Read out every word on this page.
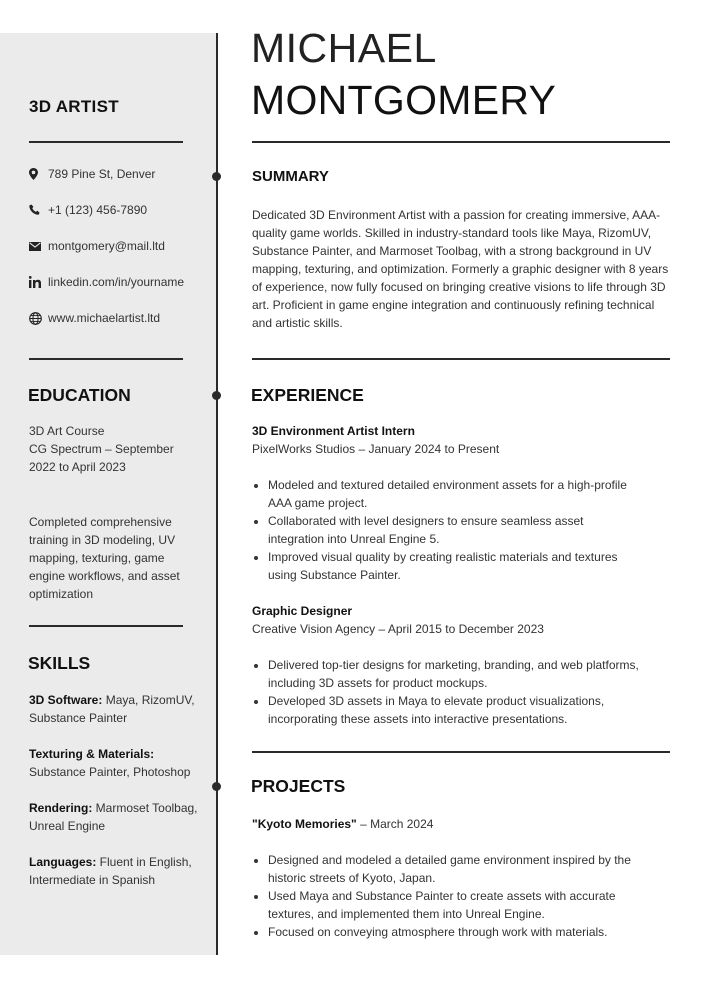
MICHAEL
MONTGOMERY
3D ARTIST
789 Pine St, Denver
+1 (123) 456-7890
montgomery@mail.ltd
linkedin.com/in/yourname
www.michaelartist.ltd
EDUCATION
3D Art Course
CG Spectrum – September 2022 to April 2023
Completed comprehensive training in 3D modeling, UV mapping, texturing, game engine workflows, and asset optimization
SKILLS
3D Software: Maya, RizomUV, Substance Painter
Texturing & Materials: Substance Painter, Photoshop
Rendering: Marmoset Toolbag, Unreal Engine
Languages: Fluent in English, Intermediate in Spanish
SUMMARY
Dedicated 3D Environment Artist with a passion for creating immersive, AAA-quality game worlds. Skilled in industry-standard tools like Maya, RizomUV, Substance Painter, and Marmoset Toolbag, with a strong background in UV mapping, texturing, and optimization. Formerly a graphic designer with 8 years of experience, now fully focused on bringing creative visions to life through 3D art. Proficient in game engine integration and continuously refining technical and artistic skills.
EXPERIENCE
3D Environment Artist Intern
PixelWorks Studios – January 2024 to Present
Modeled and textured detailed environment assets for a high-profile AAA game project.
Collaborated with level designers to ensure seamless asset integration into Unreal Engine 5.
Improved visual quality by creating realistic materials and textures using Substance Painter.
Graphic Designer
Creative Vision Agency – April 2015 to December 2023
Delivered top-tier designs for marketing, branding, and web platforms, including 3D assets for product mockups.
Developed 3D assets in Maya to elevate product visualizations, incorporating these assets into interactive presentations.
PROJECTS
"Kyoto Memories" – March 2024
Designed and modeled a detailed game environment inspired by the historic streets of Kyoto, Japan.
Used Maya and Substance Painter to create assets with accurate textures, and implemented them into Unreal Engine.
Focused on conveying atmosphere through work with materials.
